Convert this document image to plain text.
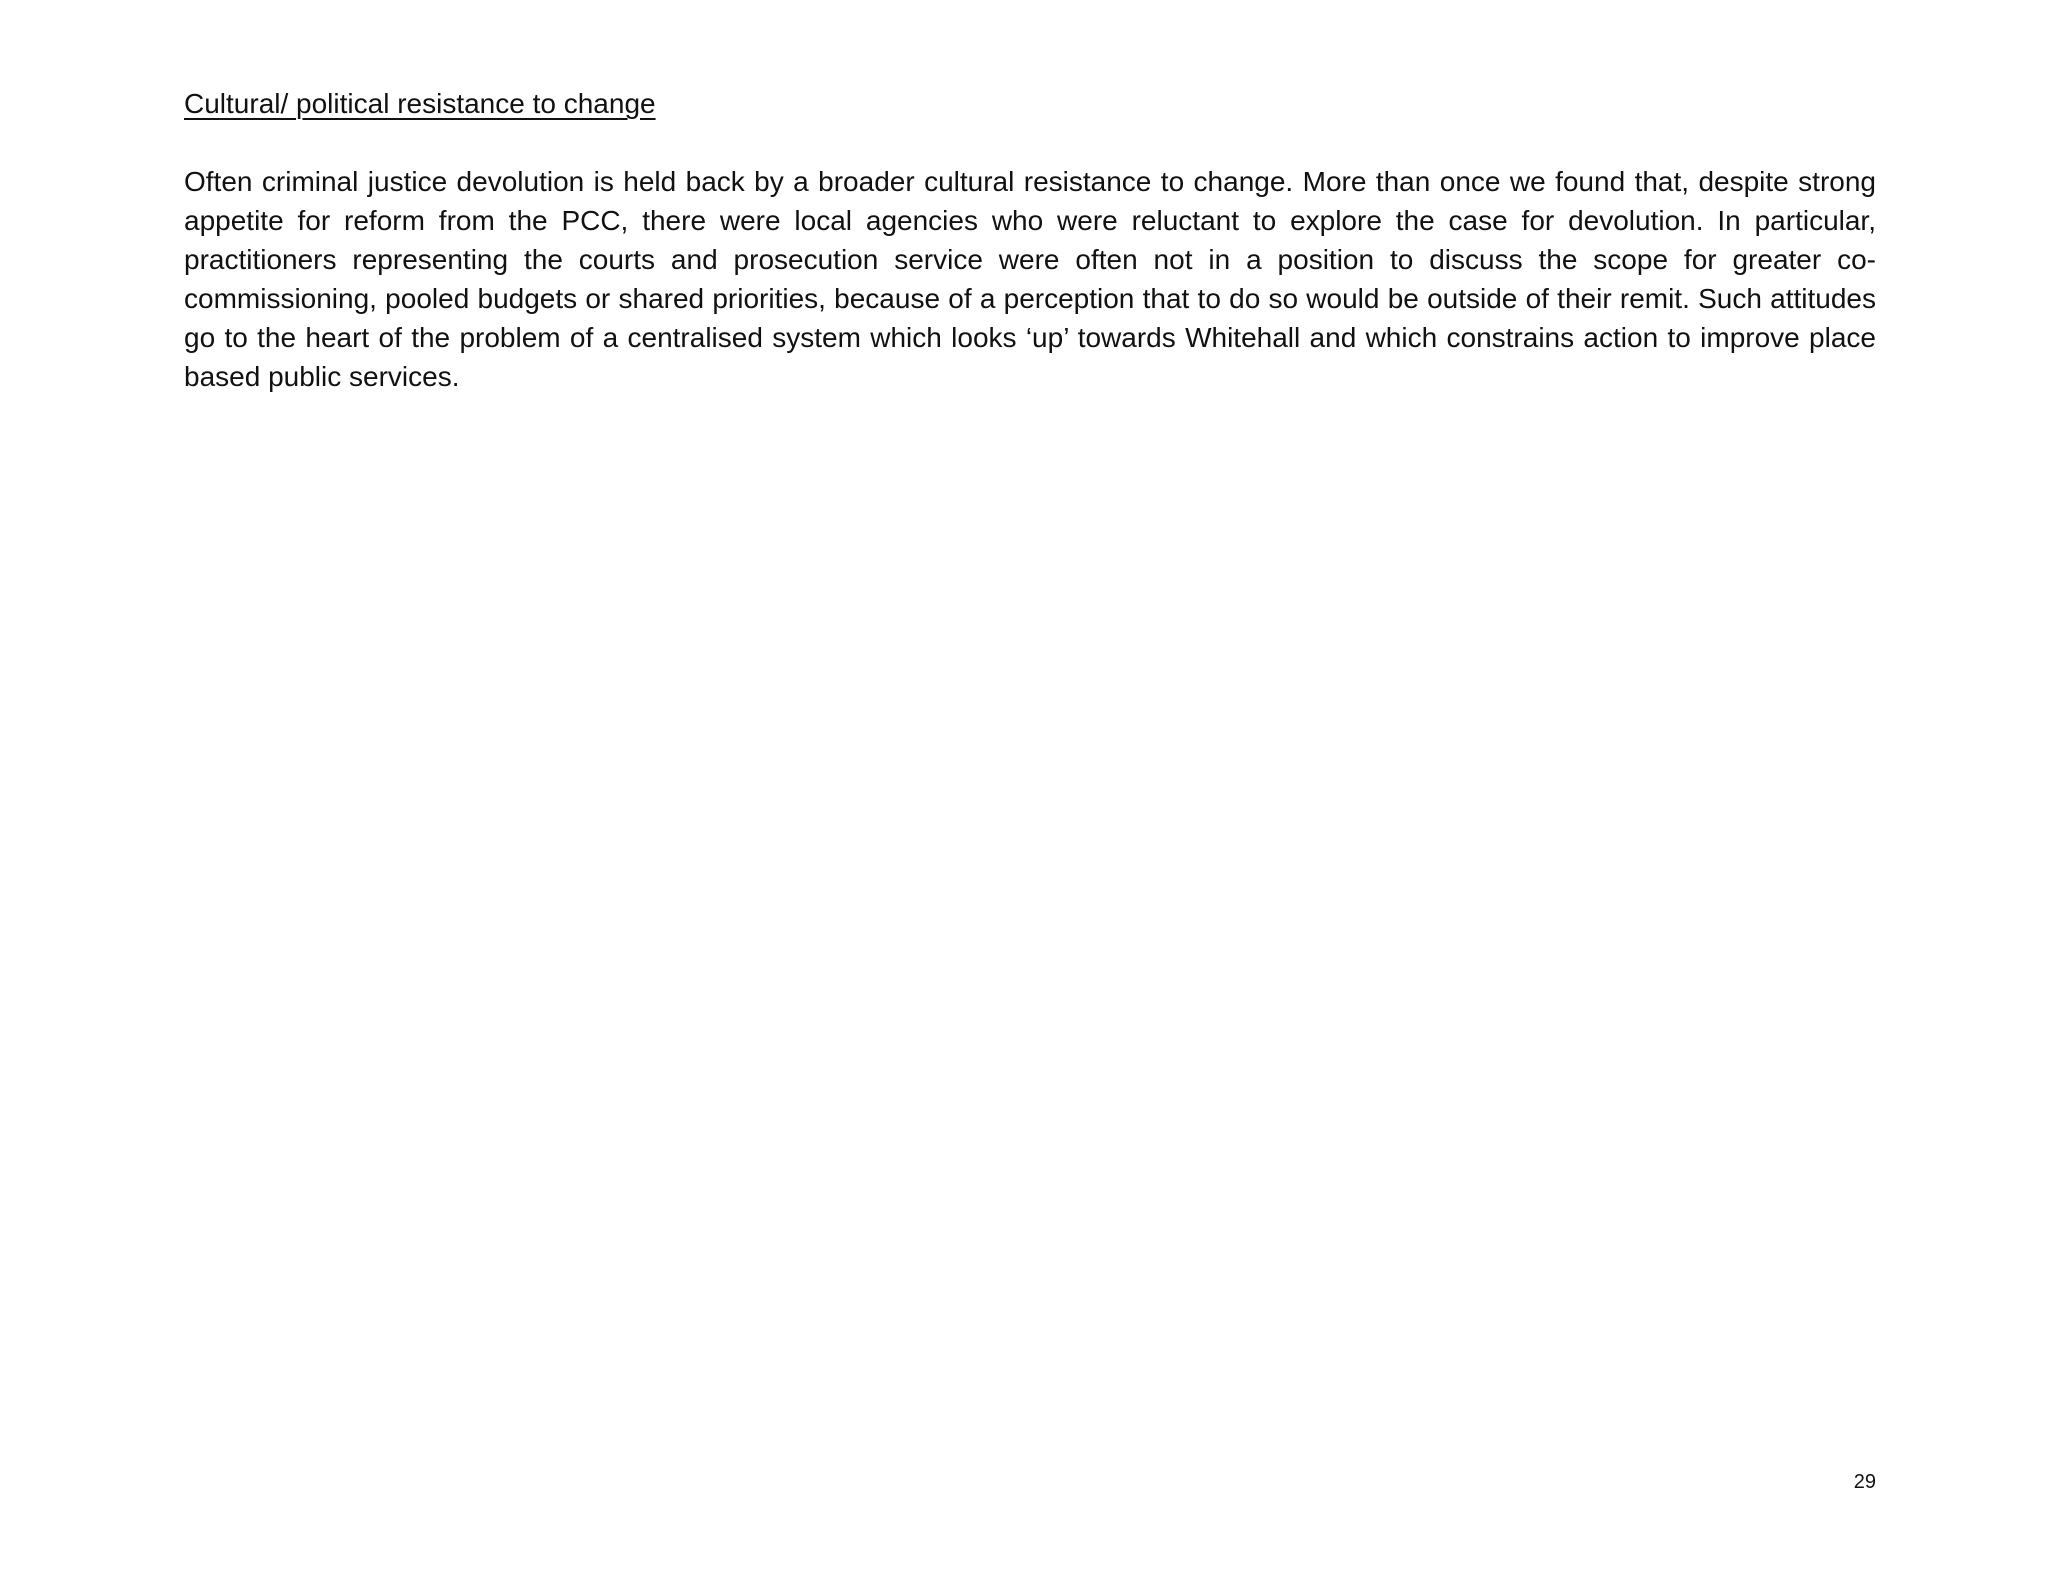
Cultural/ political resistance to change

Often criminal justice devolution is held back by a broader cultural resistance to change. More than once we found that, despite strong appetite for reform from the PCC, there were local agencies who were reluctant to explore the case for devolution. In particular, practitioners representing the courts and prosecution service were often not in a position to discuss the scope for greater co-commissioning, pooled budgets or shared priorities, because of a perception that to do so would be outside of their remit. Such attitudes go to the heart of the problem of a centralised system which looks ‘up’ towards Whitehall and which constrains action to improve place based public services.

29
